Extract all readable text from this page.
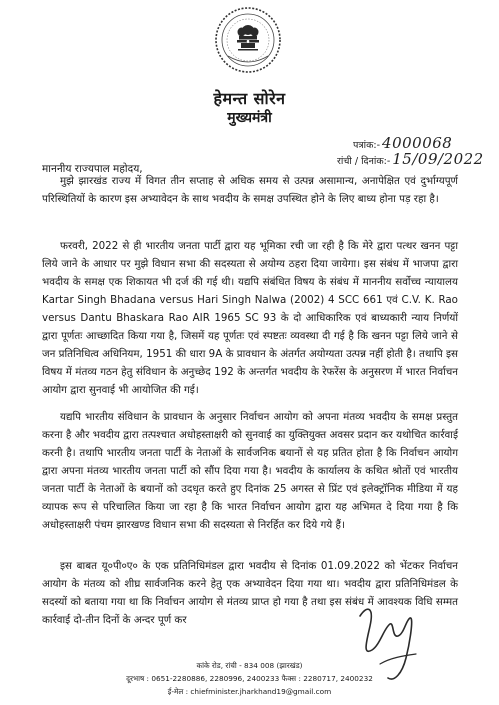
हेमन्त सोरेन
मुख्यमंत्री
पत्रांक:- 4000068
रांची / दिनांक:- 15/09/2022
माननीय राज्यपाल महोदय,

मुझे झारखंड राज्य में विगत तीन सप्ताह से अधिक समय से उत्पन्न असामान्य, अनापेक्षित एवं दुर्भाग्यपूर्ण परिस्थितियों के कारण इस अभ्यावेदन के साथ भवदीय के समक्ष उपस्थित होने के लिए बाध्य होना पड़ रहा है।

फरवरी, 2022 से ही भारतीय जनता पार्टी द्वारा यह भूमिका रची जा रही है कि मेरे द्वारा पत्थर खनन पट्टा लिये जाने के आधार पर मुझे विधान सभा की सदस्यता से अयोग्य ठहरा दिया जायेगा। इस संबंध में भाजपा द्वारा भवदीय के समक्ष एक शिकायत भी दर्ज की गई थी। यद्यपि संबंधित विषय के संबंध में माननीय सर्वोच्च न्यायालय Kartar Singh Bhadana versus Hari Singh Nalwa (2002) 4 SCC 661 एवं C.V. K. Rao versus Dantu Bhaskara Rao AIR 1965 SC 93 के दो आधिकारिक एवं बाध्यकारी न्याय निर्णयों द्वारा पूर्णतः आच्छादित किया गया है, जिसमें यह पूर्णतः एवं स्पष्टतः व्यवस्था दी गई है कि खनन पट्टा लिये जाने से जन प्रतिनिधित्व अधिनियम, 1951 की धारा 9A के प्रावधान के अंतर्गत अयोग्यता उत्पन्न नहीं होती है। तथापि इस विषय में मंतव्य गठन हेतु संविधान के अनुच्छेद 192 के अन्तर्गत भवदीय के रेफरेंस के अनुसरण में भारत निर्वाचन आयोग द्वारा सुनवाई भी आयोजित की गई।

यद्यपि भारतीय संविधान के प्रावधान के अनुसार निर्वाचन आयोग को अपना मंतव्य भवदीय के समक्ष प्रस्तुत करना है और भवदीय द्वारा तत्पश्चात अधोहस्ताक्षरी को सुनवाई का युक्तियुक्त अवसर प्रदान कर यथोचित कार्रवाई करनी है। तथापि भारतीय जनता पार्टी के नेताओं के सार्वजनिक बयानों से यह प्रतित होता है कि निर्वाचन आयोग द्वारा अपना मंतव्य भारतीय जनता पार्टी को सौंप दिया गया है। भवदीय के कार्यालय के कथित श्रोतों एवं भारतीय जनता पार्टी के नेताओं के बयानों को उदधृत करते हुए दिनांक 25 अगस्त से प्रिंट एवं इलेक्ट्रॉनिक मीडिया में यह व्यापक रूप से परिचालित किया जा रहा है कि भारत निर्वाचन आयोग द्वारा यह अभिमत दे दिया गया है कि अधोहस्ताक्षरी पंचम झारखण्ड विधान सभा की सदस्यता से निरर्हित कर दिये गये हैं।

इस बाबत यू०पी०ए० के एक प्रतिनिधिमंडल द्वारा भवदीय से दिनांक 01.09.2022 को भेंटकर निर्वाचन आयोग के मंतव्य को शीघ्र सार्वजनिक करने हेतु एक अभ्यावेदन दिया गया था। भवदीय द्वारा प्रतिनिधिमंडल के सदस्यों को बताया गया था कि निर्वाचन आयोग से मंतव्य प्राप्त हो गया है तथा इस संबंध में आवश्यक विधि सम्मत कार्रवाई दो-तीन दिनों के अन्दर पूर्ण कर

कांके रोड, रांची - 834 008 (झारखंड)
दूरभाष : 0651-2280886, 2280996, 2400233 फैक्स : 2280717, 2400232
ई-मेल : chiefminister.jharkhand19@gmail.com
